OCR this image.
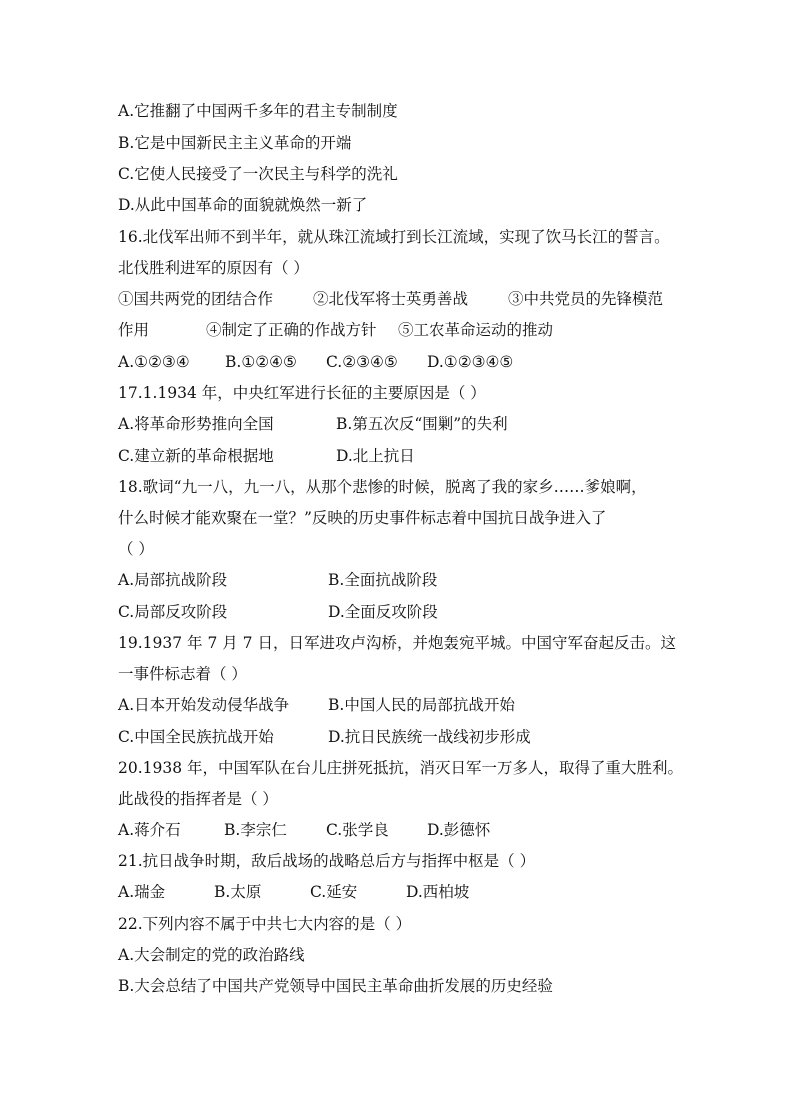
A.它推翻了中国两千多年的君主专制制度
B.它是中国新民主主义革命的开端
C.它使人民接受了一次民主与科学的洗礼
D.从此中国革命的面貌就焕然一新了
16.北伐军出师不到半年，就从珠江流域打到长江流域，实现了饮马长江的誓言。
北伐胜利进军的原因有（ ）
①国共两党的团结合作	②北伐军将士英勇善战	③中共党员的先锋模范
作用	④制定了正确的作战方针 ⑤工农革命运动的推动
A.①②③④ B.①②④⑤ C.②③④⑤ D.①②③④⑤
17.1.1934 年，中央红军进行长征的主要原因是（ ）
A.将革命形势推向全国	B.第五次反“围剿”的失利
C.建立新的革命根据地	D.北上抗日
18.歌词“九一八，九一八，从那个悲惨的时候，脱离了我的家乡……爹娘啊，
什么时候才能欢聚在一堂？”反映的历史事件标志着中国抗日战争进入了
（ ）
A.局部抗战阶段	B.全面抗战阶段
C.局部反攻阶段	D.全面反攻阶段
19.1937 年 7 月 7 日，日军进攻卢沟桥，并炮轰宛平城。中国守军奋起反击。这
一事件标志着（ ）
A.日本开始发动侵华战争	B.中国人民的局部抗战开始
C.中国全民族抗战开始	D.抗日民族统一战线初步形成
20.1938 年，中国军队在台儿庄拼死抵抗，消灭日军一万多人，取得了重大胜利。
此战役的指挥者是（ ）
A.蒋介石	B.李宗仁	C.张学良 D.彭德怀
21.抗日战争时期，敌后战场的战略总后方与指挥中枢是（ ）
A.瑞金	B.太原	C.延安	D.西柏坡
22.下列内容不属于中共七大内容的是（ ）
A.大会制定的党的政治路线
B.大会总结了中国共产党领导中国民主革命曲折发展的历史经验
